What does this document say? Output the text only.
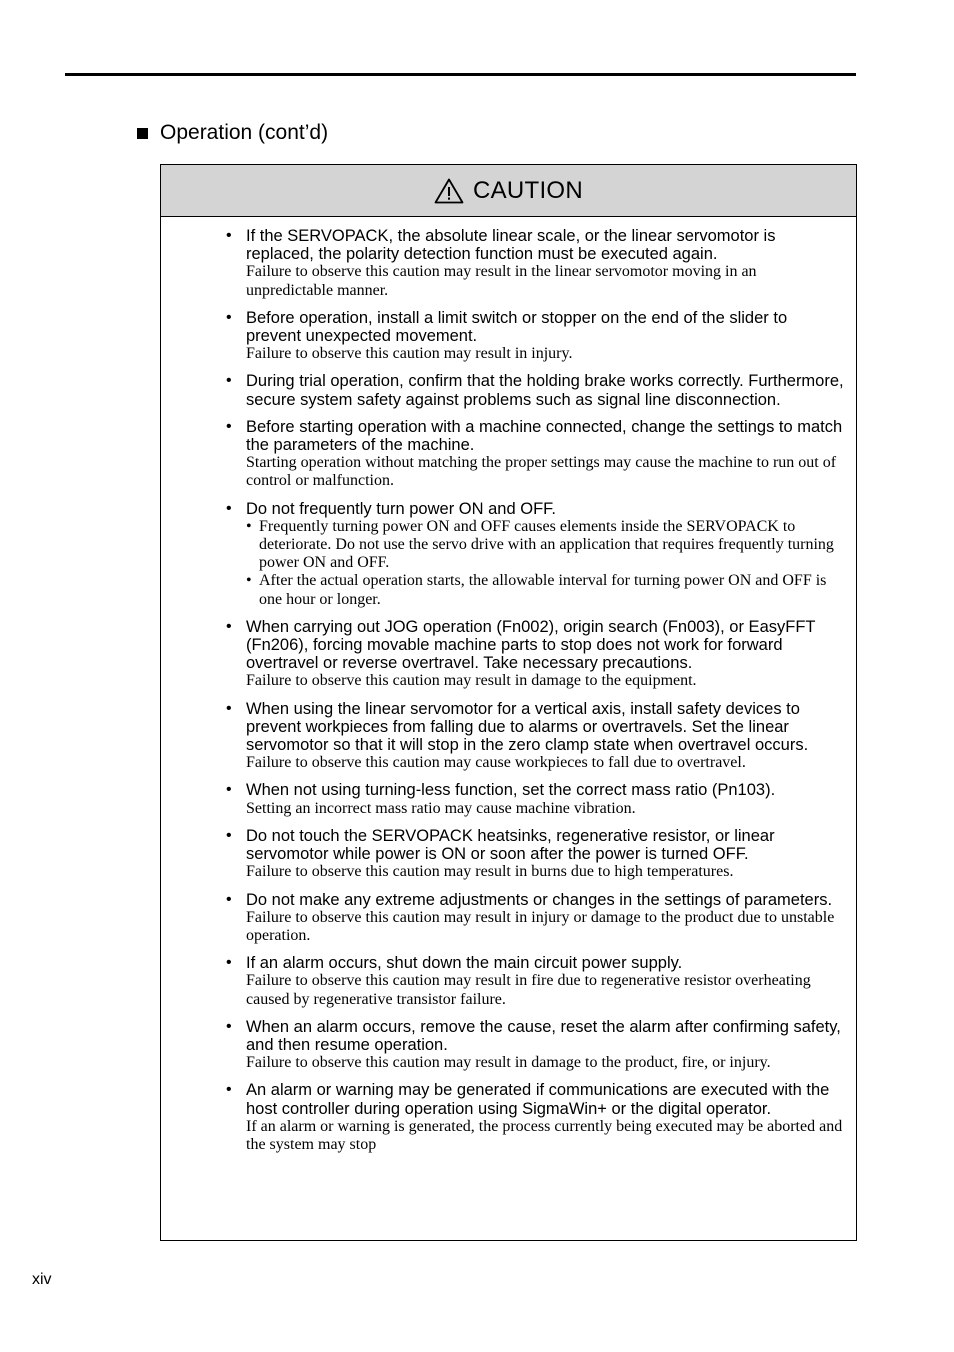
Operation (cont’d)
CAUTION
• If the SERVOPACK, the absolute linear scale, or the linear servomotor is replaced, the polarity detection function must be executed again.

Failure to observe this caution may result in the linear servomotor moving in an unpredictable manner.

• Before operation, install a limit switch or stopper on the end of the slider to prevent unexpected movement.

Failure to observe this caution may result in injury.

• During trial operation, confirm that the holding brake works correctly. Furthermore, secure system safety against problems such as signal line disconnection.

• Before starting operation with a machine connected, change the settings to match the parameters of the machine.

Starting operation without matching the proper settings may cause the machine to run out of control or malfunction.

• Do not frequently turn power ON and OFF.

• Frequently turning power ON and OFF causes elements inside the SERVOPACK to deteriorate. Do not use the servo drive with an application that requires frequently turning power ON and OFF.
• After the actual operation starts, the allowable interval for turning power ON and OFF is one hour or longer.
• When carrying out JOG operation (Fn002), origin search (Fn003), or EasyFFT (Fn206), forcing movable machine parts to stop does not work for forward overtravel or reverse overtravel. Take necessary precautions.

Failure to observe this caution may result in damage to the equipment.

• When using the linear servomotor for a vertical axis, install safety devices to prevent workpieces from falling due to alarms or overtravels. Set the linear servomotor so that it will stop in the zero clamp state when overtravel occurs.

Failure to observe this caution may cause workpieces to fall due to overtravel.

• When not using turning-less function, set the correct mass ratio (Pn103).

Setting an incorrect mass ratio may cause machine vibration.

• Do not touch the SERVOPACK heatsinks, regenerative resistor, or linear servomotor while power is ON or soon after the power is turned OFF.

Failure to observe this caution may result in burns due to high temperatures.

• Do not make any extreme adjustments or changes in the settings of parameters.

Failure to observe this caution may result in injury or damage to the product due to unstable operation.

• If an alarm occurs, shut down the main circuit power supply.

Failure to observe this caution may result in fire due to regenerative resistor overheating caused by regenerative transistor failure.

• When an alarm occurs, remove the cause, reset the alarm after confirming safety, and then resume operation.

Failure to observe this caution may result in damage to the product, fire, or injury.

• An alarm or warning may be generated if communications are executed with the host controller during operation using SigmaWin+ or the digital operator.

If an alarm or warning is generated, the process currently being executed may be aborted and the system may stop

xiv
